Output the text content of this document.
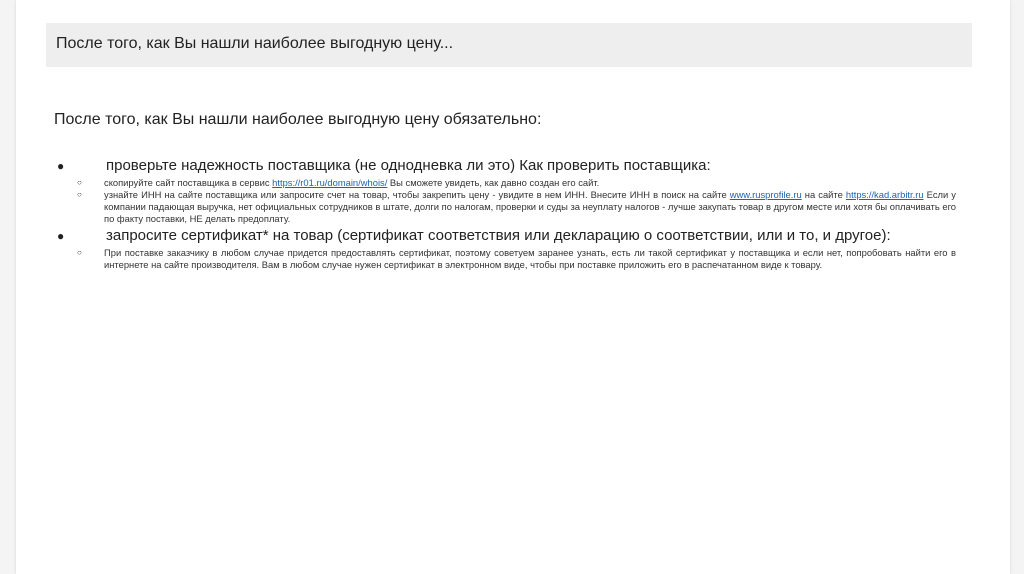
После того, как Вы нашли наиболее выгодную цену...
После того, как Вы нашли наиболее выгодную цену обязательно:
●	проверьте надежность поставщика (не однодневка ли это) Как проверить поставщика:
○ скопируйте сайт поставщика в сервис https://r01.ru/domain/whois/ Вы сможете увидеть, как давно создан его сайт.
○ узнайте ИНН на сайте поставщика или запросите счет на товар, чтобы закрепить цену - увидите в нем ИНН. Внесите ИНН в поиск на сайте www.rusprofile.ru на сайте https://kad.arbitr.ru Если у компании падающая выручка, нет официальных сотрудников в штате, долги по налогам, проверки и суды за неуплату налогов - лучше закупать товар в другом месте или хотя бы оплачивать его по факту поставки, НЕ делать предоплату.
●	запросите сертификат* на товар (сертификат соответствия или декларацию о соответствии, или и то, и другое):
○ При поставке заказчику в любом случае придется предоставлять сертификат, поэтому советуем заранее узнать, есть ли такой сертификат у поставщика и если нет, попробовать найти его в интернете на сайте производителя. Вам в любом случае нужен сертификат в электронном виде, чтобы при поставке приложить его в распечатанном виде к товару.
